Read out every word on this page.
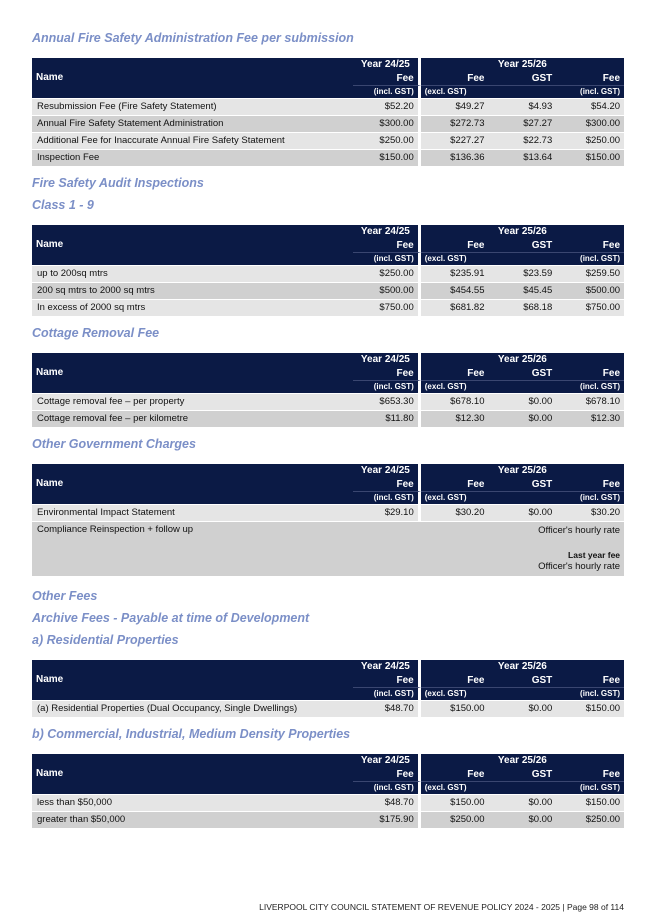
Annual Fire Safety Administration Fee per submission
Name	Year 24/25	Year 25/26		
	Fee	Fee	GST	Fee
	(incl. GST)	(excl. GST)		(incl. GST)
Resubmission Fee (Fire Safety Statement)	$52.20	$49.27	$4.93	$54.20
Annual Fire Safety Statement Administration	$300.00	$272.73	$27.27	$300.00
Additional Fee for Inaccurate Annual Fire Safety Statement	$250.00	$227.27	$22.73	$250.00
Inspection Fee	$150.00	$136.36	$13.64	$150.00
Fire Safety Audit Inspections
Class 1 - 9
Name	Year 24/25	Year 25/26		
	Fee	Fee	GST	Fee
	(incl. GST)	(excl. GST)		(incl. GST)
up to 200sq mtrs	$250.00	$235.91	$23.59	$259.50
200 sq mtrs to 2000 sq mtrs	$500.00	$454.55	$45.45	$500.00
In excess of 2000 sq mtrs	$750.00	$681.82	$68.18	$750.00
Cottage Removal Fee
Name	Year 24/25	Year 25/26		
	Fee	Fee	GST	Fee
	(incl. GST)	(excl. GST)		(incl. GST)
Cottage removal fee – per property	$653.30	$678.10	$0.00	$678.10
Cottage removal fee – per kilometre	$11.80	$12.30	$0.00	$12.30
Other Government Charges
Name	Year 24/25	Year 25/26		
	Fee	Fee	GST	Fee
	(incl. GST)	(excl. GST)		(incl. GST)
Environmental Impact Statement	$29.10	$30.20	$0.00	$30.20
Compliance Reinspection + follow up	Officer's hourly rate
Last year fee
Officer's hourly rate			
Other Fees
Archive Fees - Payable at time of Development
a) Residential Properties
Name	Year 24/25	Year 25/26		
	Fee	Fee	GST	Fee
	(incl. GST)	(excl. GST)		(incl. GST)
(a) Residential Properties (Dual Occupancy, Single Dwellings)	$48.70	$150.00	$0.00	$150.00
b) Commercial, Industrial, Medium Density Properties
Name	Year 24/25	Year 25/26		
	Fee	Fee	GST	Fee
	(incl. GST)	(excl. GST)		(incl. GST)
less than $50,000	$48.70	$150.00	$0.00	$150.00
greater than $50,000	$175.90	$250.00	$0.00	$250.00
LIVERPOOL CITY COUNCIL STATEMENT OF REVENUE POLICY 2024 - 2025 | Page 98 of 114
